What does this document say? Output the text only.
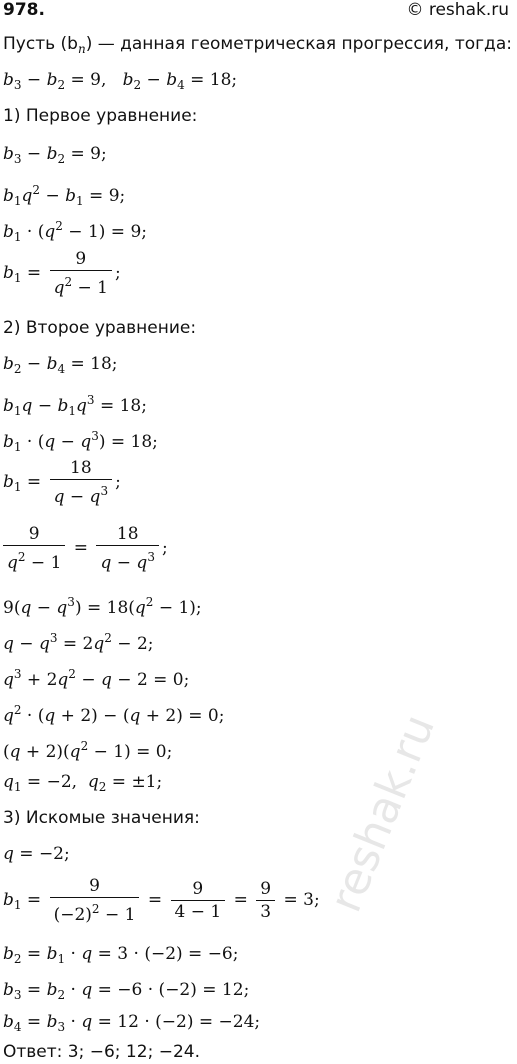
978.	© reshak.ru
Пусть $(b_n)$ — данная геометрическая прогрессия, тогда:
$b_3 - b_2 = 9$,   $b_2 - b_4 = 18$;
1) Первое уравнение:
$b_3 - b_2 = 9$;
$b_1q^2 - b_1 = 9$;
$b_1 \cdot (q^2 - 1) = 9$;
$b_1 = \frac{9}{q^2 - 1}$ ;
2) Второе уравнение:
$b_2 - b_4 = 18$;
$b_1q - b_1q^3 = 18$;
$b_1 \cdot (q - q^3) = 18$;
$b_1 = \frac{18}{q - q^3}$ ;
$\frac{9}{q^2 - 1} = \frac{18}{q - q^3}$ ;
$9(q - q^3) = 18(q^2 - 1)$;
$q - q^3 = 2q^2 - 2$;
$q^3 + 2q^2 - q - 2 = 0$;
$q^2 \cdot (q + 2) - (q + 2) = 0$;
$(q + 2)(q^2 - 1) = 0$;
$q_1 = -2$,  $q_2 = \pm 1$;
3) Искомые значения:
q = −2;
$b_1 = \frac{9}{(-2)^2 - 1} = \frac{9}{4 - 1} = \frac{9}{3} = 3$;
$b_2 = b_1 \cdot q = 3 \cdot (-2) = -6$;
$b_3 = b_2 \cdot q = -6 \cdot (-2) = 12$;
$b_4 = b_3 \cdot q = 12 \cdot (-2) = -24$;
Ответ: 3; −6; 12; −24.
reshak.ru
